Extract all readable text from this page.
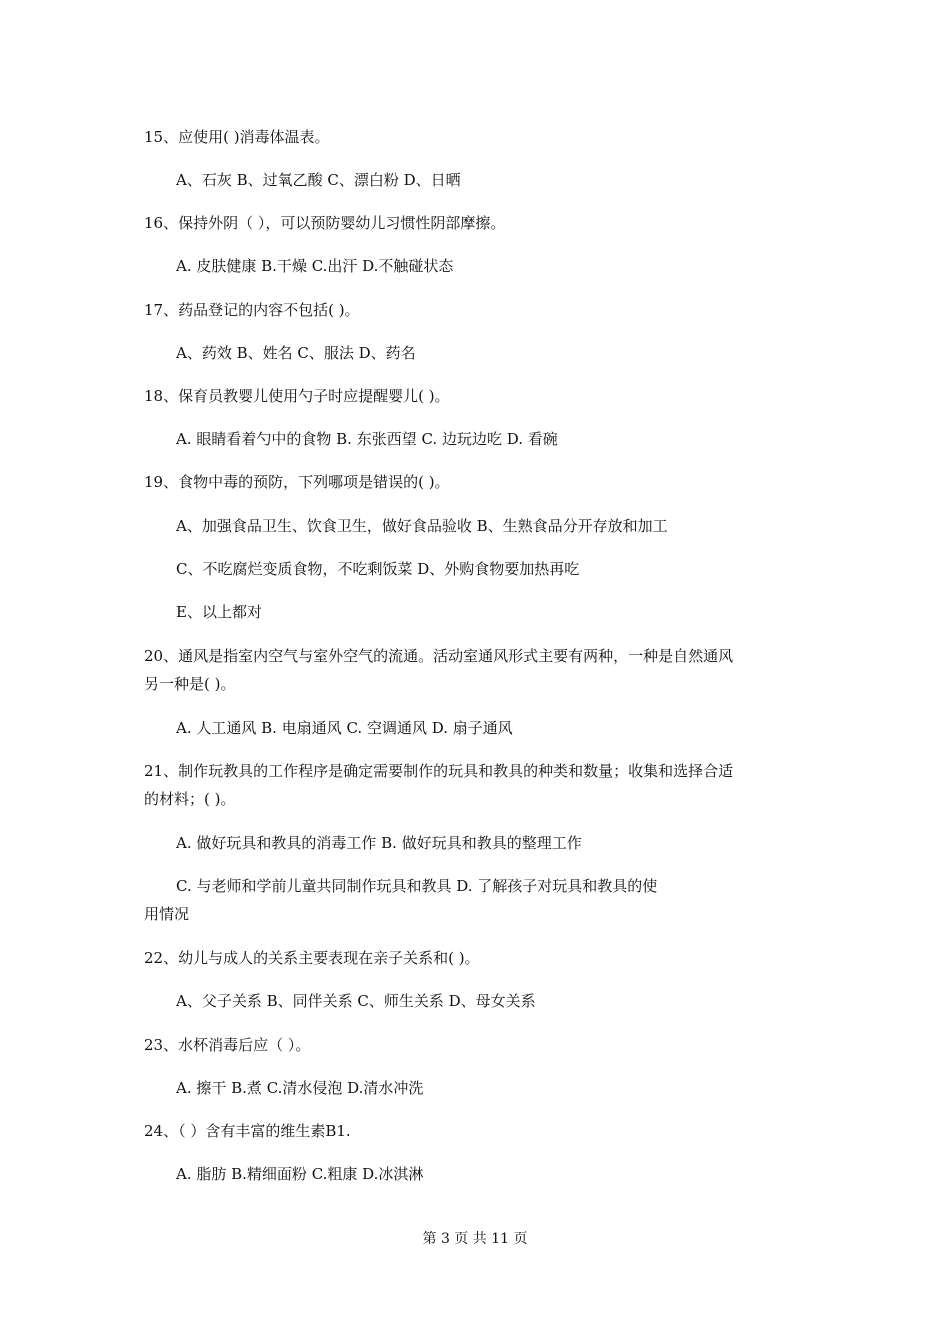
15、应使用( )消毒体温表。
A、石灰 B、过氧乙酸 C、漂白粉 D、日晒
16、保持外阴（ ），可以预防婴幼儿习惯性阴部摩擦。
A. 皮肤健康 B.干燥 C.出汗 D.不触碰状态
17、药品登记的内容不包括( )。
A、药效 B、姓名 C、服法 D、药名
18、保育员教婴儿使用勺子时应提醒婴儿( )。
A. 眼睛看着勺中的食物 B. 东张西望 C. 边玩边吃 D. 看碗
19、食物中毒的预防，下列哪项是错误的( )。
A、加强食品卫生、饮食卫生，做好食品验收 B、生熟食品分开存放和加工
C、不吃腐烂变质食物，不吃剩饭菜 D、外购食物要加热再吃
E、以上都对
20、通风是指室内空气与室外空气的流通。活动室通风形式主要有两种，一种是自然通风
另一种是( )。
A. 人工通风 B. 电扇通风 C. 空调通风 D. 扇子通风
21、制作玩教具的工作程序是确定需要制作的玩具和教具的种类和数量；收集和选择合适
的材料；( )。
A. 做好玩具和教具的消毒工作 B. 做好玩具和教具的整理工作
C. 与老师和学前儿童共同制作玩具和教具 D. 了解孩子对玩具和教具的使
用情况
22、幼儿与成人的关系主要表现在亲子关系和( )。
A、父子关系 B、同伴关系 C、师生关系 D、母女关系
23、水杯消毒后应（ ）。
A. 擦干 B.煮 C.清水侵泡 D.清水冲洗
24、（ ）含有丰富的维生素B1.
A. 脂肪 B.精细面粉 C.粗康 D.冰淇淋
第 3 页 共 11 页
